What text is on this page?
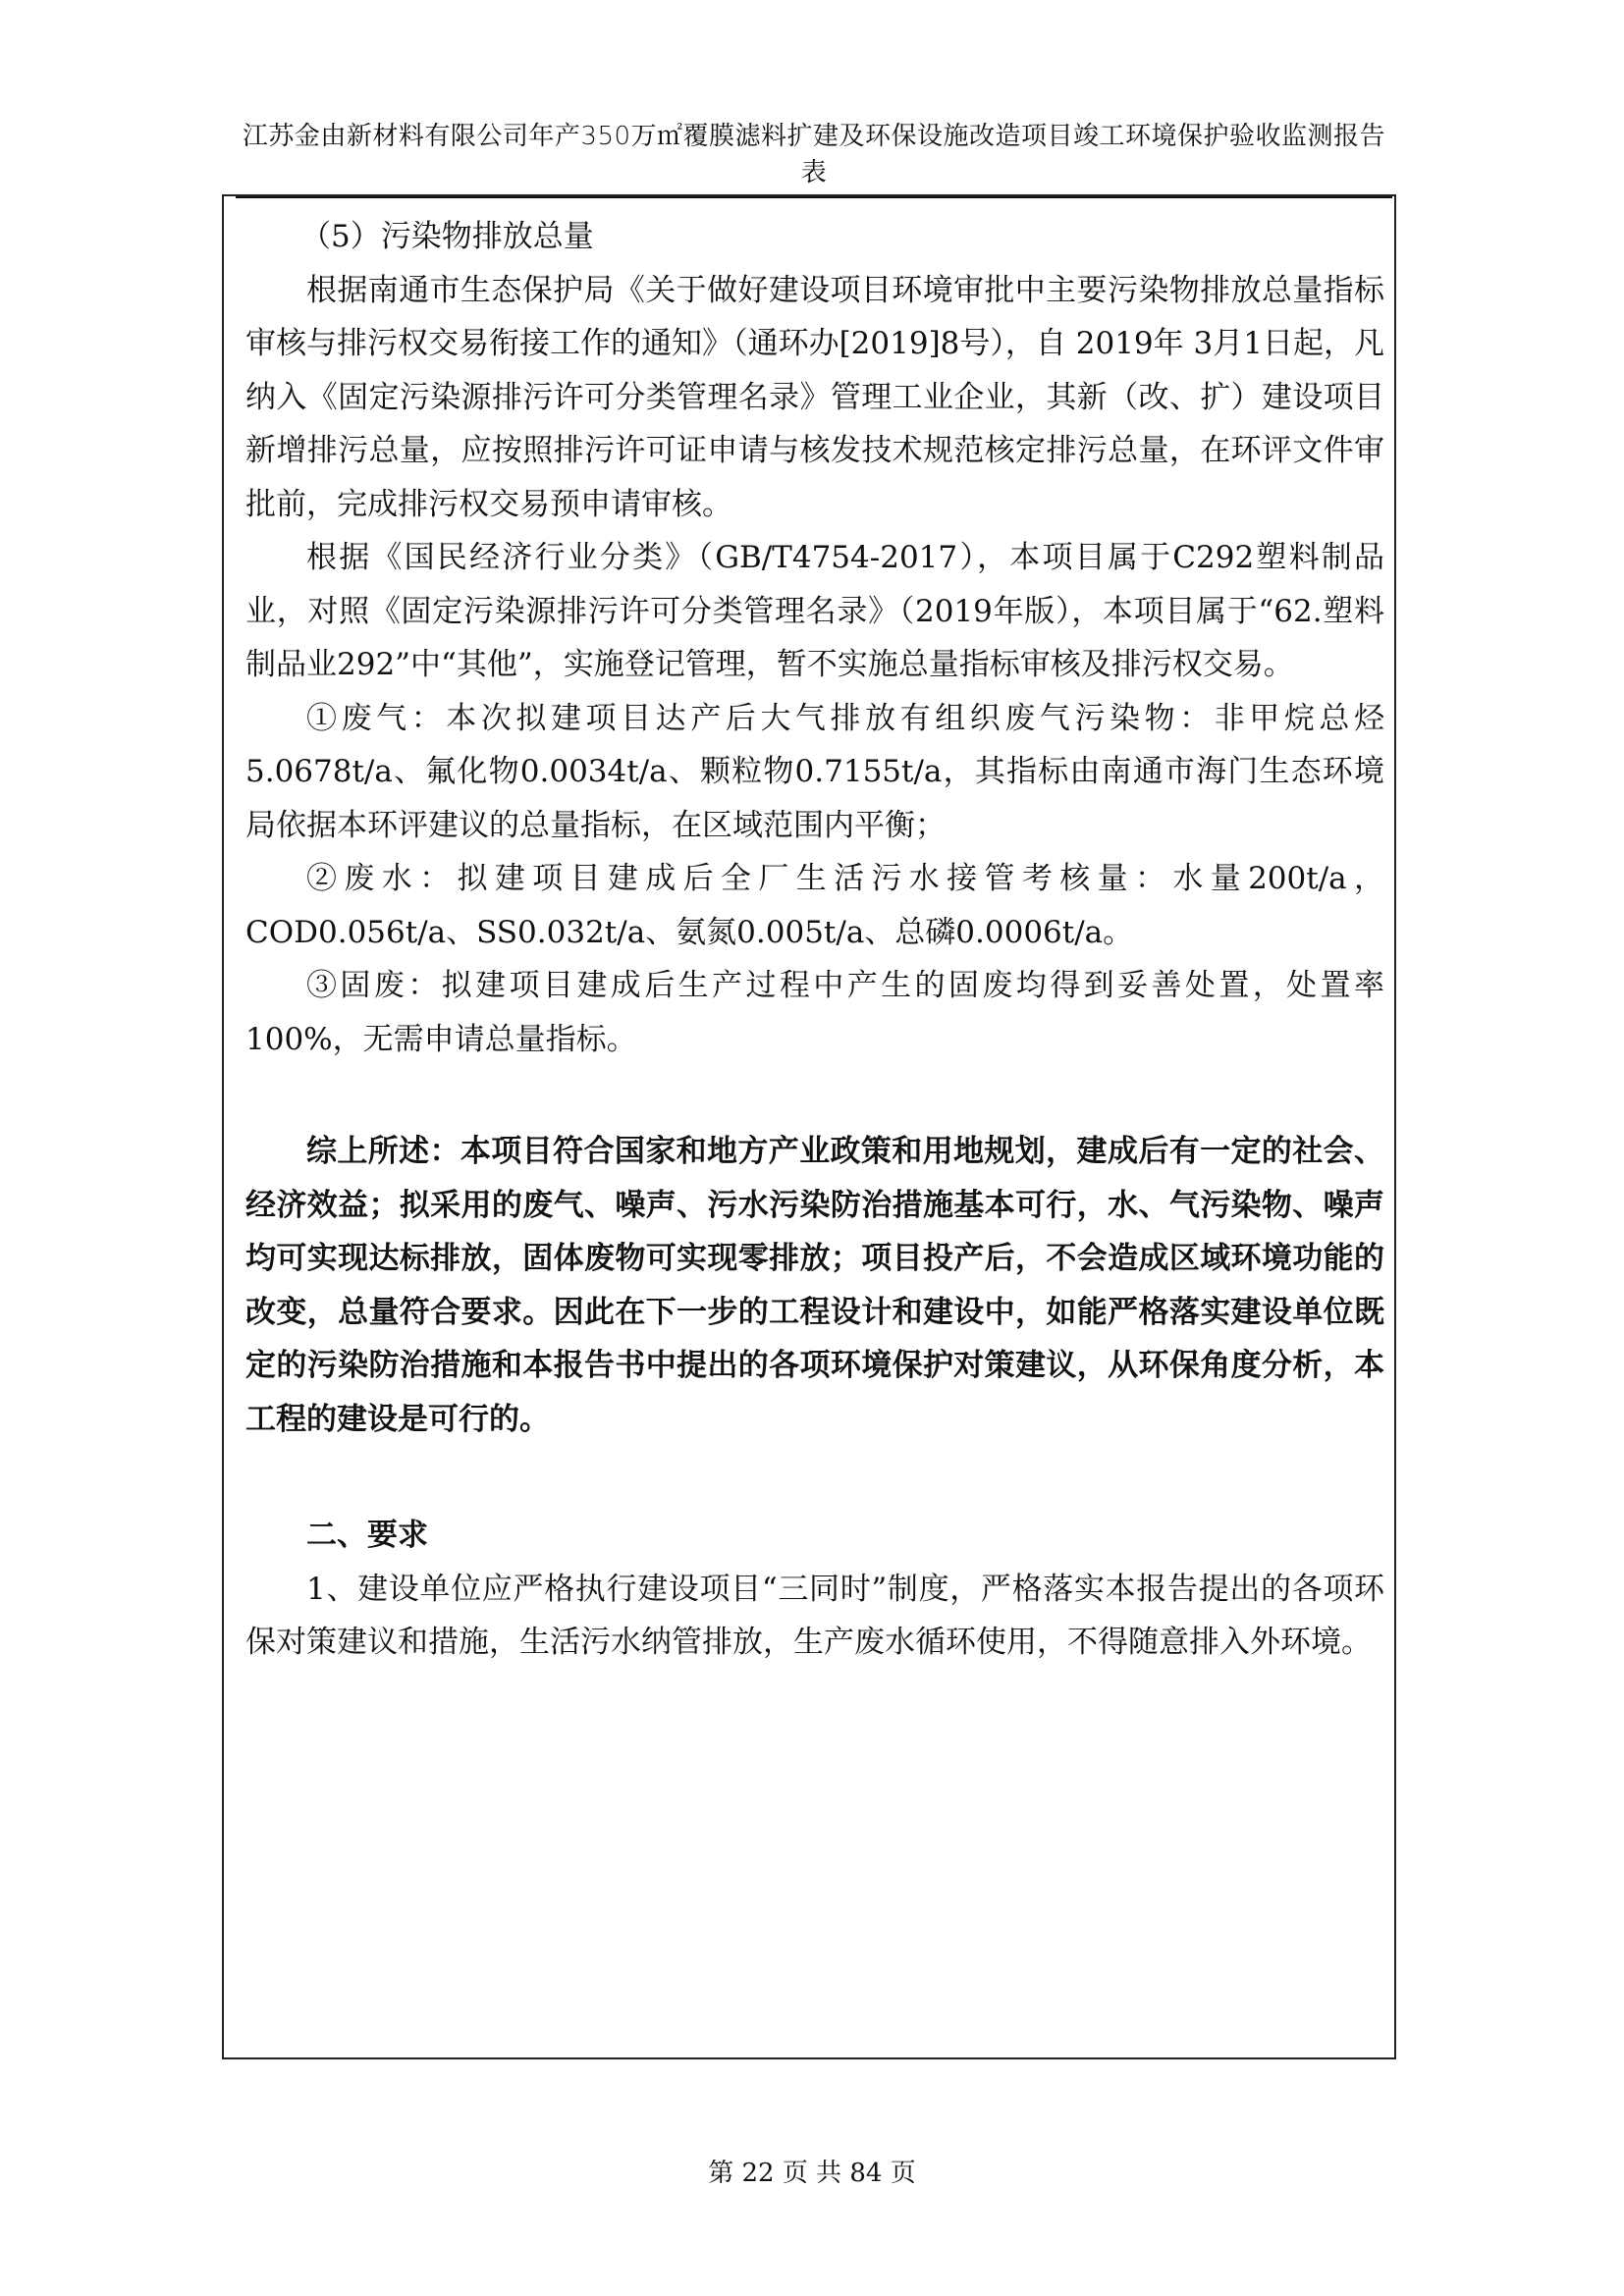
江苏金由新材料有限公司年产350万㎡覆膜滤料扩建及环保设施改造项目竣工环境保护验收监测报告表

（5）污染物排放总量

根据南通市生态保护局《关于做好建设项目环境审批中主要污染物排放总量指标审核与排污权交易衔接工作的通知》（通环办[2019]8号），自 2019年 3月1日起，凡纳入《固定污染源排污许可分类管理名录》管理工业企业，其新（改、扩）建设项目新增排污总量，应按照排污许可证申请与核发技术规范核定排污总量，在环评文件审批前，完成排污权交易预申请审核。

根据《国民经济行业分类》（GB/T4754-2017），本项目属于C292塑料制品业，对照《固定污染源排污许可分类管理名录》（2019年版），本项目属于“62.塑料制品业292”中“其他”，实施登记管理，暂不实施总量指标审核及排污权交易。

①废气：本次拟建项目达产后大气排放有组织废气污染物：非甲烷总烃5.0678t/a、氟化物0.0034t/a、颗粒物0.7155t/a，其指标由南通市海门生态环境局依据本环评建议的总量指标，在区域范围内平衡；

②废水：拟建项目建成后全厂生活污水接管考核量：水量200t/a，COD0.056t/a、SS0.032t/a、氨氮0.005t/a、总磷0.0006t/a。

③固废：拟建项目建成后生产过程中产生的固废均得到妥善处置，处置率100%，无需申请总量指标。

综上所述：本项目符合国家和地方产业政策和用地规划，建成后有一定的社会、经济效益；拟采用的废气、噪声、污水污染防治措施基本可行，水、气污染物、噪声均可实现达标排放，固体废物可实现零排放；项目投产后，不会造成区域环境功能的改变，总量符合要求。因此在下一步的工程设计和建设中，如能严格落实建设单位既定的污染防治措施和本报告书中提出的各项环境保护对策建议，从环保角度分析，本工程的建设是可行的。

二、要求

1、建设单位应严格执行建设项目“三同时”制度，严格落实本报告提出的各项环保对策建议和措施，生活污水纳管排放，生产废水循环使用，不得随意排入外环境。

第 22 页 共 84 页
